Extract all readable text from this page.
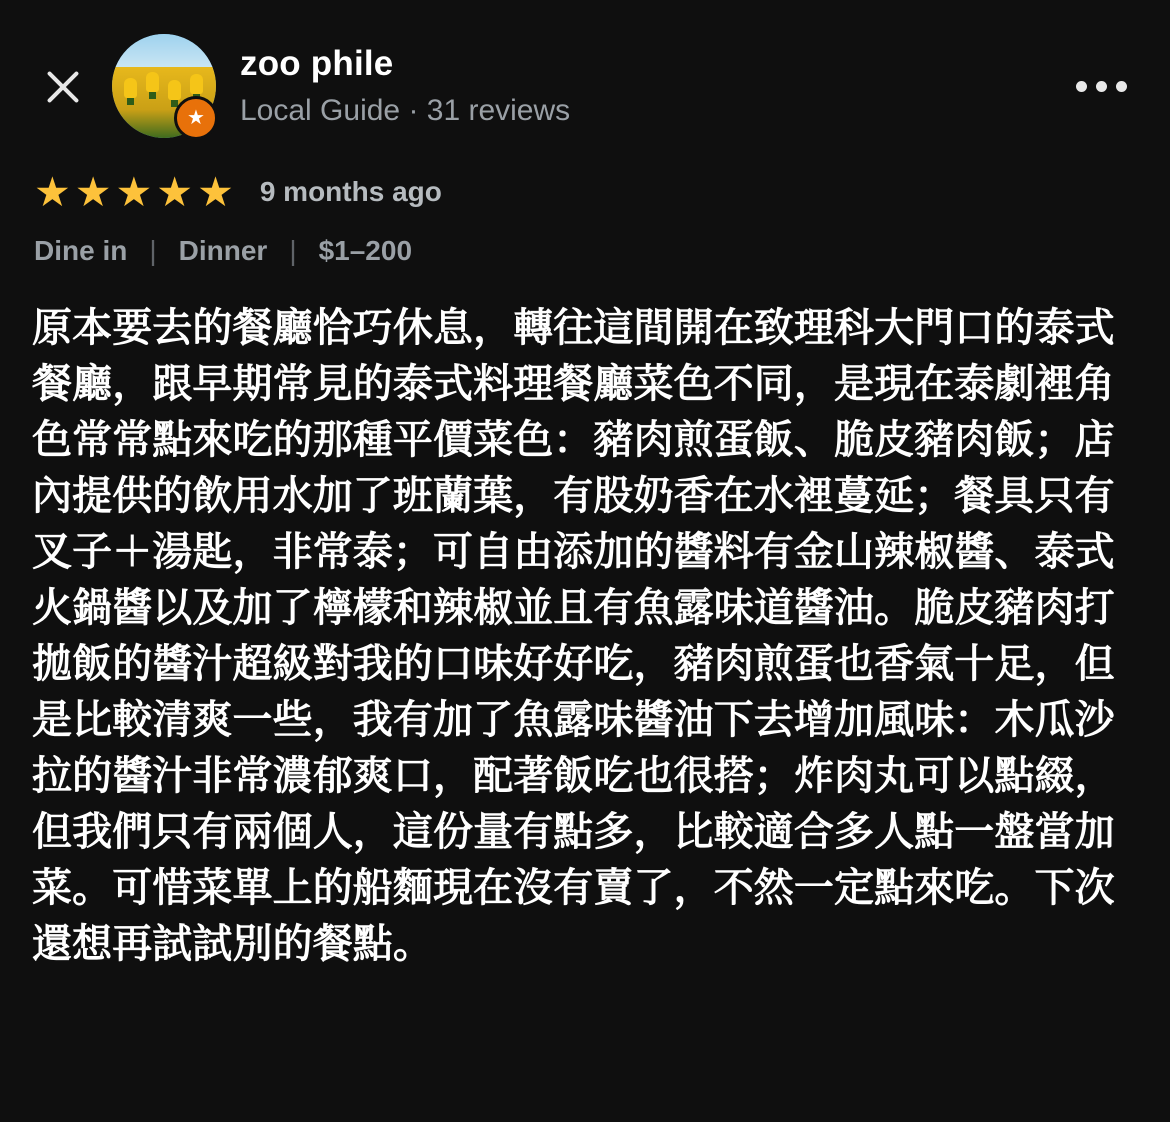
★
zoo phile
Local Guide · 31 reviews
★ ★ ★ ★ ★ 9 months ago
Dine in | Dinner | $1–200
原本要去的餐廳恰巧休息，轉往這間開在致理科大門口的泰式餐廳，跟早期常見的泰式料理餐廳菜色不同，是現在泰劇裡角色常常點來吃的那種平價菜色：豬肉煎蛋飯、脆皮豬肉飯；店內提供的飲用水加了班蘭葉，有股奶香在水裡蔓延；餐具只有叉子＋湯匙，非常泰；可自由添加的醬料有金山辣椒醬、泰式火鍋醬以及加了檸檬和辣椒並且有魚露味道醬油。脆皮豬肉打拋飯的醬汁超級對我的口味好好吃，豬肉煎蛋也香氣十足，但是比較清爽一些，我有加了魚露味醬油下去增加風味：木瓜沙拉的醬汁非常濃郁爽口，配著飯吃也很搭；炸肉丸可以點綴，但我們只有兩個人，這份量有點多，比較適合多人點一盤當加菜。可惜菜單上的船麵現在沒有賣了，不然一定點來吃。下次還想再試試別的餐點。
